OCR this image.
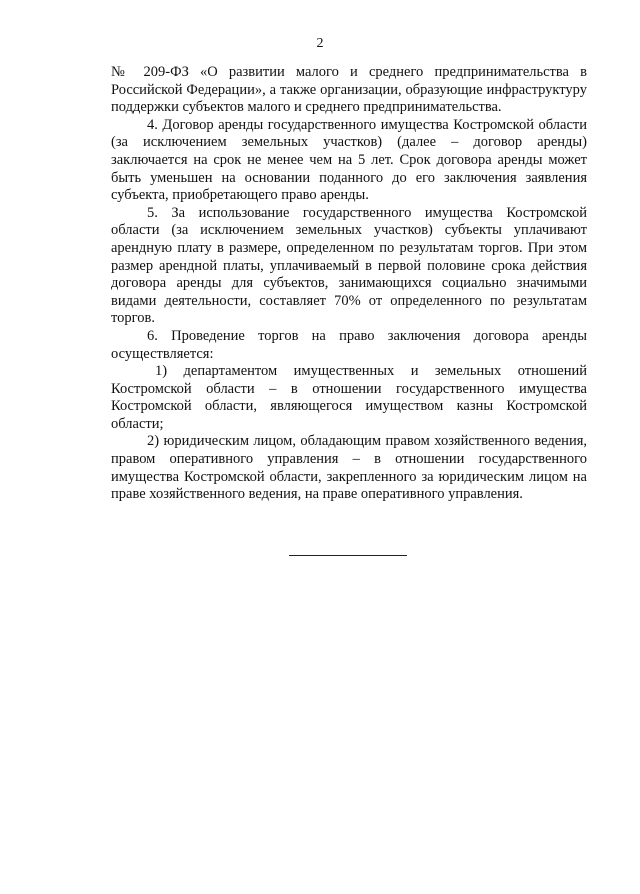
2

№ 209-ФЗ «О развитии малого и среднего предпринимательства в Российской Федерации», а также организации, образующие инфраструктуру поддержки субъектов малого и среднего предпринимательства.

4. Договор аренды государственного имущества Костромской области (за исключением земельных участков) (далее – договор аренды) заключается на срок не менее чем на 5 лет. Срок договора аренды может быть уменьшен на основании поданного до его заключения заявления субъекта, приобретающего право аренды.

5. За использование государственного имущества Костромской области (за исключением земельных участков) субъекты уплачивают арендную плату в размере, определенном по результатам торгов. При этом размер арендной платы, уплачиваемый в первой половине срока действия договора аренды для субъектов, занимающихся социально значимыми видами деятельности, составляет 70% от определенного по результатам торгов.

6. Проведение торгов на право заключения договора аренды осуществляется:

1) департаментом имущественных и земельных отношений Костромской области – в отношении государственного имущества Костромской области, являющегося имуществом казны Костромской области;

2) юридическим лицом, обладающим правом хозяйственного ведения, правом оперативного управления – в отношении государственного имущества Костромской области, закрепленного за юридическим лицом на праве хозяйственного ведения, на праве оперативного управления.
